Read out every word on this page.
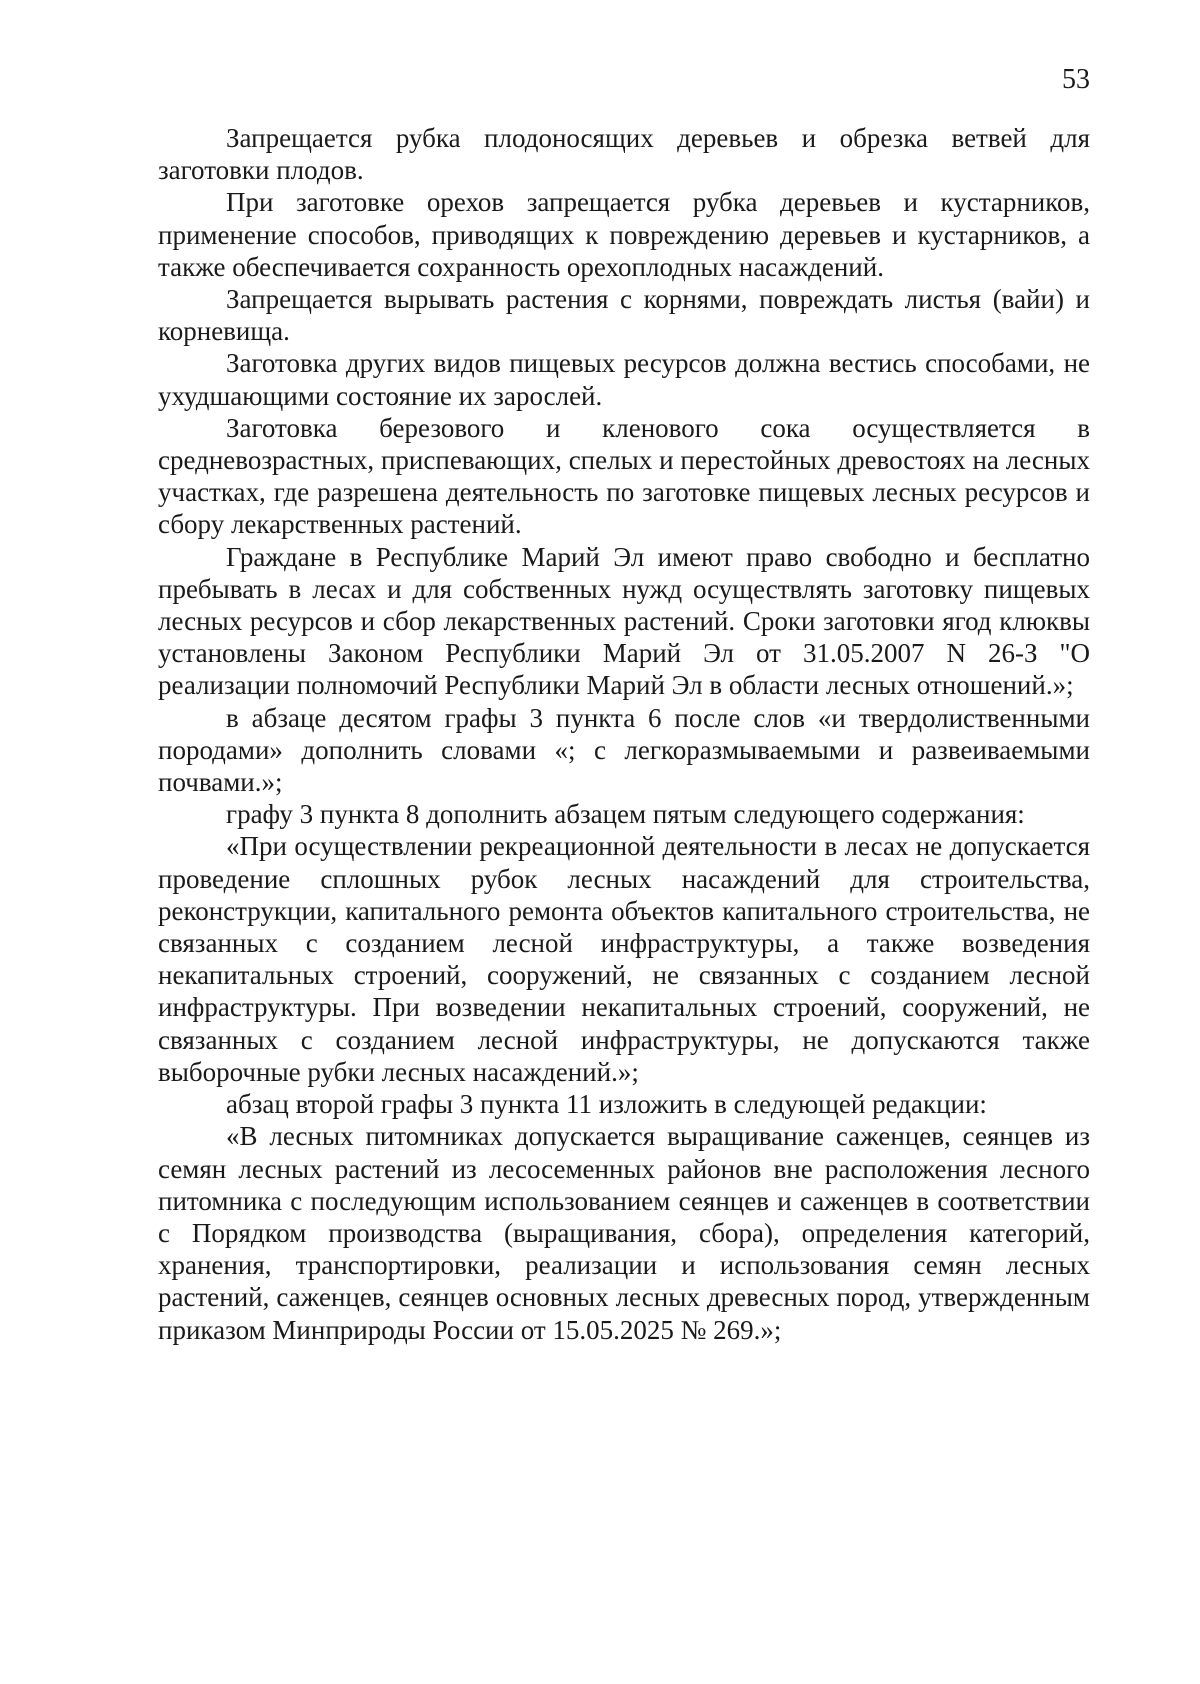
53

Запрещается рубка плодоносящих деревьев и обрезка ветвей для заготовки плодов.

При заготовке орехов запрещается рубка деревьев и кустарников, применение способов, приводящих к повреждению деревьев и кустарников, а также обеспечивается сохранность орехоплодных насаждений.

Запрещается вырывать растения с корнями, повреждать листья (вайи) и корневища.

Заготовка других видов пищевых ресурсов должна вестись способами, не ухудшающими состояние их зарослей.

Заготовка березового и кленового сока осуществляется в средневозрастных, приспевающих, спелых и перестойных древостоях на лесных участках, где разрешена деятельность по заготовке пищевых лесных ресурсов и сбору лекарственных растений.

Граждане в Республике Марий Эл имеют право свободно и бесплатно пребывать в лесах и для собственных нужд осуществлять заготовку пищевых лесных ресурсов и сбор лекарственных растений. Сроки заготовки ягод клюквы установлены Законом Республики Марий Эл от 31.05.2007 N 26-З "О реализации полномочий Республики Марий Эл в области лесных отношений.»;

в абзаце десятом графы 3 пункта 6 после слов «и твердолиственными породами» дополнить словами «; с легкоразмываемыми и развеиваемыми почвами.»;

графу 3 пункта 8 дополнить абзацем пятым следующего содержания:

«При осуществлении рекреационной деятельности в лесах не допускается проведение сплошных рубок лесных насаждений для строительства, реконструкции, капитального ремонта объектов капитального строительства, не связанных с созданием лесной инфраструктуры, а также возведения некапитальных строений, сооружений, не связанных с созданием лесной инфраструктуры. При возведении некапитальных строений, сооружений, не связанных с созданием лесной инфраструктуры, не допускаются также выборочные рубки лесных насаждений.»;

абзац второй графы 3 пункта 11 изложить в следующей редакции:

«В лесных питомниках допускается выращивание саженцев, сеянцев из семян лесных растений из лесосеменных районов вне расположения лесного питомника с последующим использованием сеянцев и саженцев в соответствии с Порядком производства (выращивания, сбора), определения категорий, хранения, транспортировки, реализации и использования семян лесных растений, саженцев, сеянцев основных лесных древесных пород, утвержденным приказом Минприроды России от 15.05.2025 № 269.»;
